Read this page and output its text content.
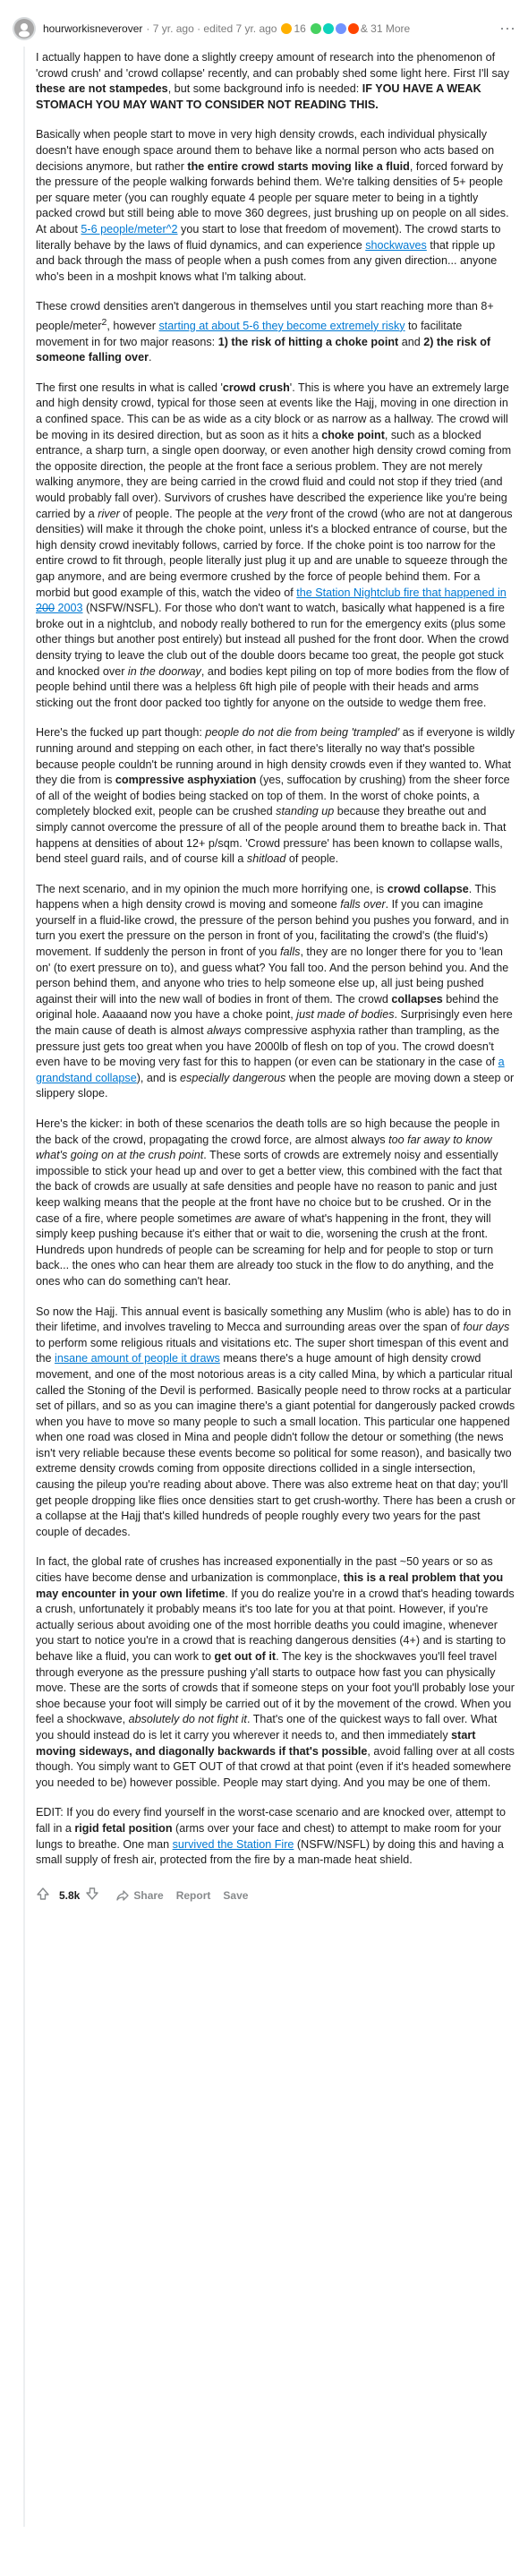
hourworkisneverover · 7 yr. ago · edited 7 yr. ago 16	& 31 More	⋯

I actually happen to have done a slightly creepy amount of research into the phenomenon of 'crowd crush' and 'crowd collapse' recently, and can probably shed some light here. First I'll say these are not stampedes, but some background info is needed: IF YOU HAVE A WEAK STOMACH YOU MAY WANT TO CONSIDER NOT READING THIS.

Basically when people start to move in very high density crowds, each individual physically doesn't have enough space around them to behave like a normal person who acts based on decisions anymore, but rather the entire crowd starts moving like a fluid, forced forward by the pressure of the people walking forwards behind them. We're talking densities of 5+ people per square meter (you can roughly equate 4 people per square meter to being in a tightly packed crowd but still being able to move 360 degrees, just brushing up on people on all sides. At about 5-6 people/meter^2 you start to lose that freedom of movement). The crowd starts to literally behave by the laws of fluid dynamics, and can experience shockwaves that ripple up and back through the mass of people when a push comes from any given direction... anyone who's been in a moshpit knows what I'm talking about.

These crowd densities aren't dangerous in themselves until you start reaching more than 8+ people/meter$^2$, however starting at about 5-6 they become extremely risky to facilitate movement in for two major reasons: 1) the risk of hitting a choke point and 2) the risk of someone falling over.

The first one results in what is called 'crowd crush'. This is where you have an extremely large and high density crowd, typical for those seen at events like the Hajj, moving in one direction in a confined space. This can be as wide as a city block or as narrow as a hallway. The crowd will be moving in its desired direction, but as soon as it hits a choke point, such as a blocked entrance, a sharp turn, a single open doorway, or even another high density crowd coming from the opposite direction, the people at the front face a serious problem. They are not merely walking anymore, they are being carried in the crowd fluid and could not stop if they tried (and would probably fall over). Survivors of crushes have described the experience like you're being carried by a river of people. The people at the very front of the crowd (who are not at dangerous densities) will make it through the choke point, unless it's a blocked entrance of course, but the high density crowd inevitably follows, carried by force. If the choke point is too narrow for the entire crowd to fit through, people literally just plug it up and are unable to squeeze through the gap anymore, and are being evermore crushed by the force of people behind them. For a morbid but good example of this, watch the video of the Station Nightclub fire that happened in 200 2003 (NSFW/NSFL). For those who don't want to watch, basically what happened is a fire broke out in a nightclub, and nobody really bothered to run for the emergency exits (plus some other things but another post entirely) but instead all pushed for the front door. When the crowd density trying to leave the club out of the double doors became too great, the people got stuck and knocked over in the doorway, and bodies kept piling on top of more bodies from the flow of people behind until there was a helpless 6ft high pile of people with their heads and arms sticking out the front door packed too tightly for anyone on the outside to wedge them free.

Here's the fucked up part though: people do not die from being 'trampled' as if everyone is wildly running around and stepping on each other, in fact there's literally no way that's possible because people couldn't be running around in high density crowds even if they wanted to. What they die from is compressive asphyxiation (yes, suffocation by crushing) from the sheer force of all of the weight of bodies being stacked on top of them. In the worst of choke points, a completely blocked exit, people can be crushed standing up because they breathe out and simply cannot overcome the pressure of all of the people around them to breathe back in. That happens at densities of about 12+ p/sqm. 'Crowd pressure' has been known to collapse walls, bend steel guard rails, and of course kill a shitload of people.

The next scenario, and in my opinion the much more horrifying one, is crowd collapse. This happens when a high density crowd is moving and someone falls over. If you can imagine yourself in a fluid-like crowd, the pressure of the person behind you pushes you forward, and in turn you exert the pressure on the person in front of you, facilitating the crowd's (the fluid's) movement. If suddenly the person in front of you falls, they are no longer there for you to 'lean on' (to exert pressure on to), and guess what? You fall too. And the person behind you. And the person behind them, and anyone who tries to help someone else up, all just being pushed against their will into the new wall of bodies in front of them. The crowd collapses behind the original hole. Aaaaand now you have a choke point, just made of bodies. Surprisingly even here the main cause of death is almost always compressive asphyxia rather than trampling, as the pressure just gets too great when you have 2000lb of flesh on top of you. The crowd doesn't even have to be moving very fast for this to happen (or even can be stationary in the case of a grandstand collapse), and is especially dangerous when the people are moving down a steep or slippery slope.

Here's the kicker: in both of these scenarios the death tolls are so high because the people in the back of the crowd, propagating the crowd force, are almost always too far away to know what's going on at the crush point. These sorts of crowds are extremely noisy and essentially impossible to stick your head up and over to get a better view, this combined with the fact that the back of crowds are usually at safe densities and people have no reason to panic and just keep walking means that the people at the front have no choice but to be crushed. Or in the case of a fire, where people sometimes are aware of what's happening in the front, they will simply keep pushing because it's either that or wait to die, worsening the crush at the front. Hundreds upon hundreds of people can be screaming for help and for people to stop or turn back... the ones who can hear them are already too stuck in the flow to do anything, and the ones who can do something can't hear.

So now the Hajj. This annual event is basically something any Muslim (who is able) has to do in their lifetime, and involves traveling to Mecca and surrounding areas over the span of four days to perform some religious rituals and visitations etc. The super short timespan of this event and the insane amount of people it draws means there's a huge amount of high density crowd movement, and one of the most notorious areas is a city called Mina, by which a particular ritual called the Stoning of the Devil is performed. Basically people need to throw rocks at a particular set of pillars, and so as you can imagine there's a giant potential for dangerously packed crowds when you have to move so many people to such a small location. This particular one happened when one road was closed in Mina and people didn't follow the detour or something (the news isn't very reliable because these events become so political for some reason), and basically two extreme density crowds coming from opposite directions collided in a single intersection, causing the pileup you're reading about above. There was also extreme heat on that day; you'll get people dropping like flies once densities start to get crush-worthy. There has been a crush or a collapse at the Hajj that's killed hundreds of people roughly every two years for the past couple of decades.

In fact, the global rate of crushes has increased exponentially in the past ~50 years or so as cities have become dense and urbanization is commonplace, this is a real problem that you may encounter in your own lifetime. If you do realize you're in a crowd that's heading towards a crush, unfortunately it probably means it's too late for you at that point. However, if you're actually serious about avoiding one of the most horrible deaths you could imagine, whenever you start to notice you're in a crowd that is reaching dangerous densities (4+) and is starting to behave like a fluid, you can work to get out of it. The key is the shockwaves you'll feel travel through everyone as the pressure pushing y'all starts to outpace how fast you can physically move. These are the sorts of crowds that if someone steps on your foot you'll probably lose your shoe because your foot will simply be carried out of it by the movement of the crowd. When you feel a shockwave, absolutely do not fight it. That's one of the quickest ways to fall over. What you should instead do is let it carry you wherever it needs to, and then immediately start moving sideways, and diagonally backwards if that's possible, avoid falling over at all costs though. You simply want to GET OUT of that crowd at that point (even if it's headed somewhere you needed to be) however possible. People may start dying. And you may be one of them.

EDIT: If you do every find yourself in the worst-case scenario and are knocked over, attempt to fall in a rigid fetal position (arms over your face and chest) to attempt to make room for your lungs to breathe. One man survived the Station Fire (NSFW/NSFL) by doing this and having a small supply of fresh air, protected from the fire by a man-made heat shield.

5.8k	Share Report Save
